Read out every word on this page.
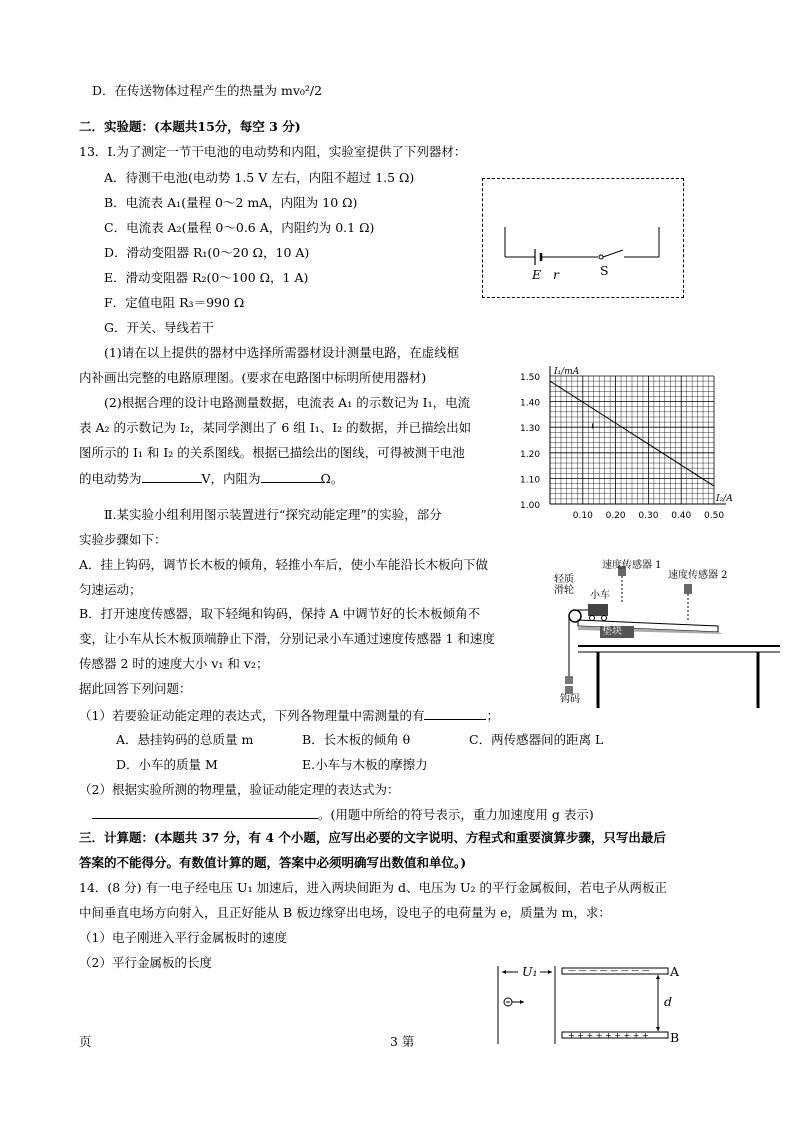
D．在传送物体过程产生的热量为 mv₀²/2
二．实验题：(本题共15分，每空 3 分)
13．Ⅰ.为了测定一节干电池的电动势和内阻，实验室提供了下列器材：
A．待测干电池(电动势 1.5 V 左右，内阻不超过 1.5 Ω)
B．电流表 A₁(量程 0～2 mA，内阻为 10 Ω)
C．电流表 A₂(量程 0～0.6 A，内阻约为 0.1 Ω)
D．滑动变阻器 R₁(0～20 Ω，10 A)
E．滑动变阻器 R₂(0～100 Ω，1 A)
F．定值电阻 R₃＝990 Ω
G．开关、导线若干
E r	S
(1)请在以上提供的器材中选择所需器材设计测量电路，在虚线框
内补画出完整的电路原理图。(要求在电路图中标明所使用器材)
(2)根据合理的设计电路测量数据，电流表 A₁ 的示数记为 I₁，电流
表 A₂ 的示数记为 I₂，某同学测出了 6 组 I₁、I₂ 的数据，并已描绘出如
图所示的 I₁ 和 I₂ 的关系图线。根据已描绘出的图线，可得被测干电池
的电动势为	V，内阻为	Ω。
1.50
1.40
1.30
1.20
1.10
1.00
0.10 0.20 0.30 0.40 0.50
I₁/mA
I₂/A
Ⅱ.某实验小组利用图示装置进行“探究动能定理”的实验，部分
实验步骤如下：
A．挂上钩码，调节长木板的倾角，轻推小车后，使小车能沿长木板向下做
匀速运动；
B．打开速度传感器，取下轻绳和钩码，保持 A 中调节好的长木板倾角不
变，让小车从长木板顶端静止下滑，分别记录小车通过速度传感器 1 和速度
传感器 2 时的速度大小 v₁ 和 v₂；
据此回答下列问题：
速度传感器 1
速度传感器 2
轻质滑轮	小车
垫块
钩码
（1）若要验证动能定理的表达式，下列各物理量中需测量的有	；
A．悬挂钩码的总质量 m	B．长木板的倾角 θ	C．两传感器间的距离 L
D．小车的质量 M	E.小车与木板的摩擦力
（2）根据实验所测的物理量，验证动能定理的表达式为：
。(用题中所给的符号表示，重力加速度用 g 表示)
三．计算题：(本题共 37 分，有 4 个小题，应写出必要的文字说明、方程式和重要演算步骤，只写出最后
答案的不能得分。有数值计算的题，答案中必须明确写出数值和单位。)
14．(8 分) 有一电子经电压 U₁ 加速后，进入两块间距为 d、电压为 U₂ 的平行金属板间，若电子从两板正
中间垂直电场方向射入，且正好能从 B 板边缘穿出电场，设电子的电荷量为 e，质量为 m，求：
（1）电子刚进入平行金属板时的速度
（2）平行金属板的长度
— — — — — — — —
+ + + + + + + + +
U₁	A
B
d
页	3 第
